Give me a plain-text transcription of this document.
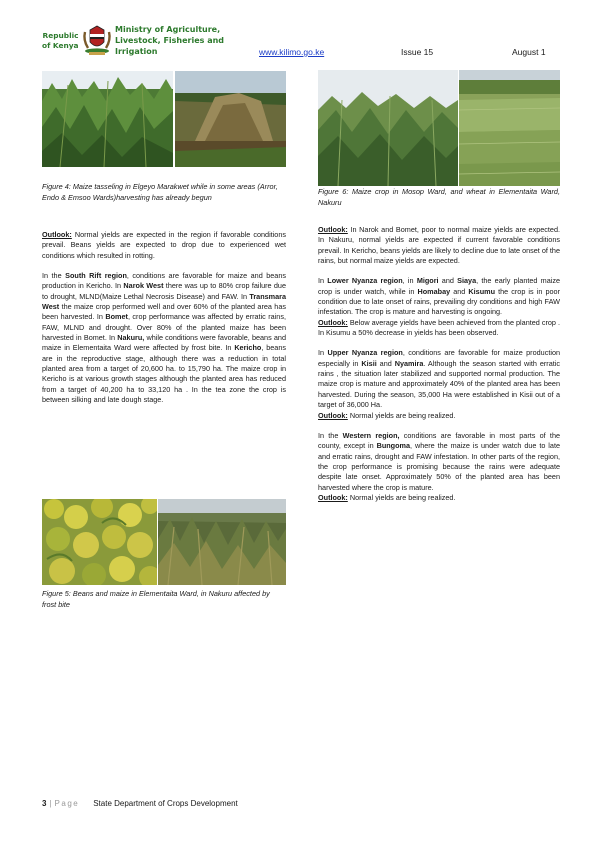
Republic
of Kenya
Ministry of Agriculture,
Livestock, Fisheries and
Irrigation	www.kilimo.go.ke	Issue 15	August 1
Figure 4: Maize tasseling in Elgeyo Marakwet while in some areas (Arror, Endo & Emsoo Wards)harvesting has already begun

Outlook: Normal yields are expected in the region if favorable conditions prevail. Beans yields are expected to drop due to experienced wet conditions which resulted in rotting.

In the South Rift region, conditions are favorable for maize and beans production in Kericho. In Narok West there was up to 80% crop failure due to drought, MLND(Maize Lethal Necrosis Disease) and FAW. In Transmara West the maize crop performed well and over 60% of the planted area has been harvested. In Bomet, crop performance was affected by erratic rains, FAW, MLND and drought. Over 80% of the planted maize has been harvested in Bomet. In Nakuru, while conditions were favorable, beans and maize in Elementaita Ward were affected by frost bite. In Kericho, beans are in the reproductive stage, although there was a reduction in total planted area from a target of 20,600 ha. to 15,790 ha. The maize crop in Kericho is at various growth stages although the planted area has reduced from a target of 40,200 ha to 33,120 ha . In the tea zone the crop is between silking and late dough stage.

Figure 5: Beans and maize in Elementaita Ward, in Nakuru affected by frost bite
Figure 6: Maize crop in Mosop Ward, and wheat in Elementaita Ward, Nakuru

Outlook: In Narok and Bomet, poor to normal maize yields are expected. In Nakuru, normal yields are expected if current favorable conditions prevail. In Kericho, beans yields are likely to decline due to late onset of the rains, but normal maize yields are expected.

In Lower Nyanza region, in Migori and Siaya, the early planted maize crop is under watch, while in Homabay and Kisumu the crop is in poor condition due to late onset of rains, prevailing dry conditions and high FAW infestation. The crop is mature and harvesting is ongoing.
Outlook: Below average yields have been achieved from the planted crop . In Kisumu a 50% decrease in yields has been observed.

In Upper Nyanza region, conditions are favorable for maize production especially in Kisii and Nyamira. Although the season started with erratic rains , the situation later stabilized and supported normal production. The maize crop is mature and approximately 40% of the planted area has been harvested. During the season, 35,000 Ha were established in Kisii out of a target of 36,000 Ha.
Outlook: Normal yields are being realized.

In the Western region, conditions are favorable in most parts of the county, except in Bungoma, where the maize is under watch due to late and erratic rains, drought and FAW infestation. In other parts of the region, the crop performance is promising because the rains were adequate despite late onset. Approximately 50% of the planted area has been harvested where the crop is mature.
Outlook: Normal yields are being realized.

3 | Page State Department of Crops Development
